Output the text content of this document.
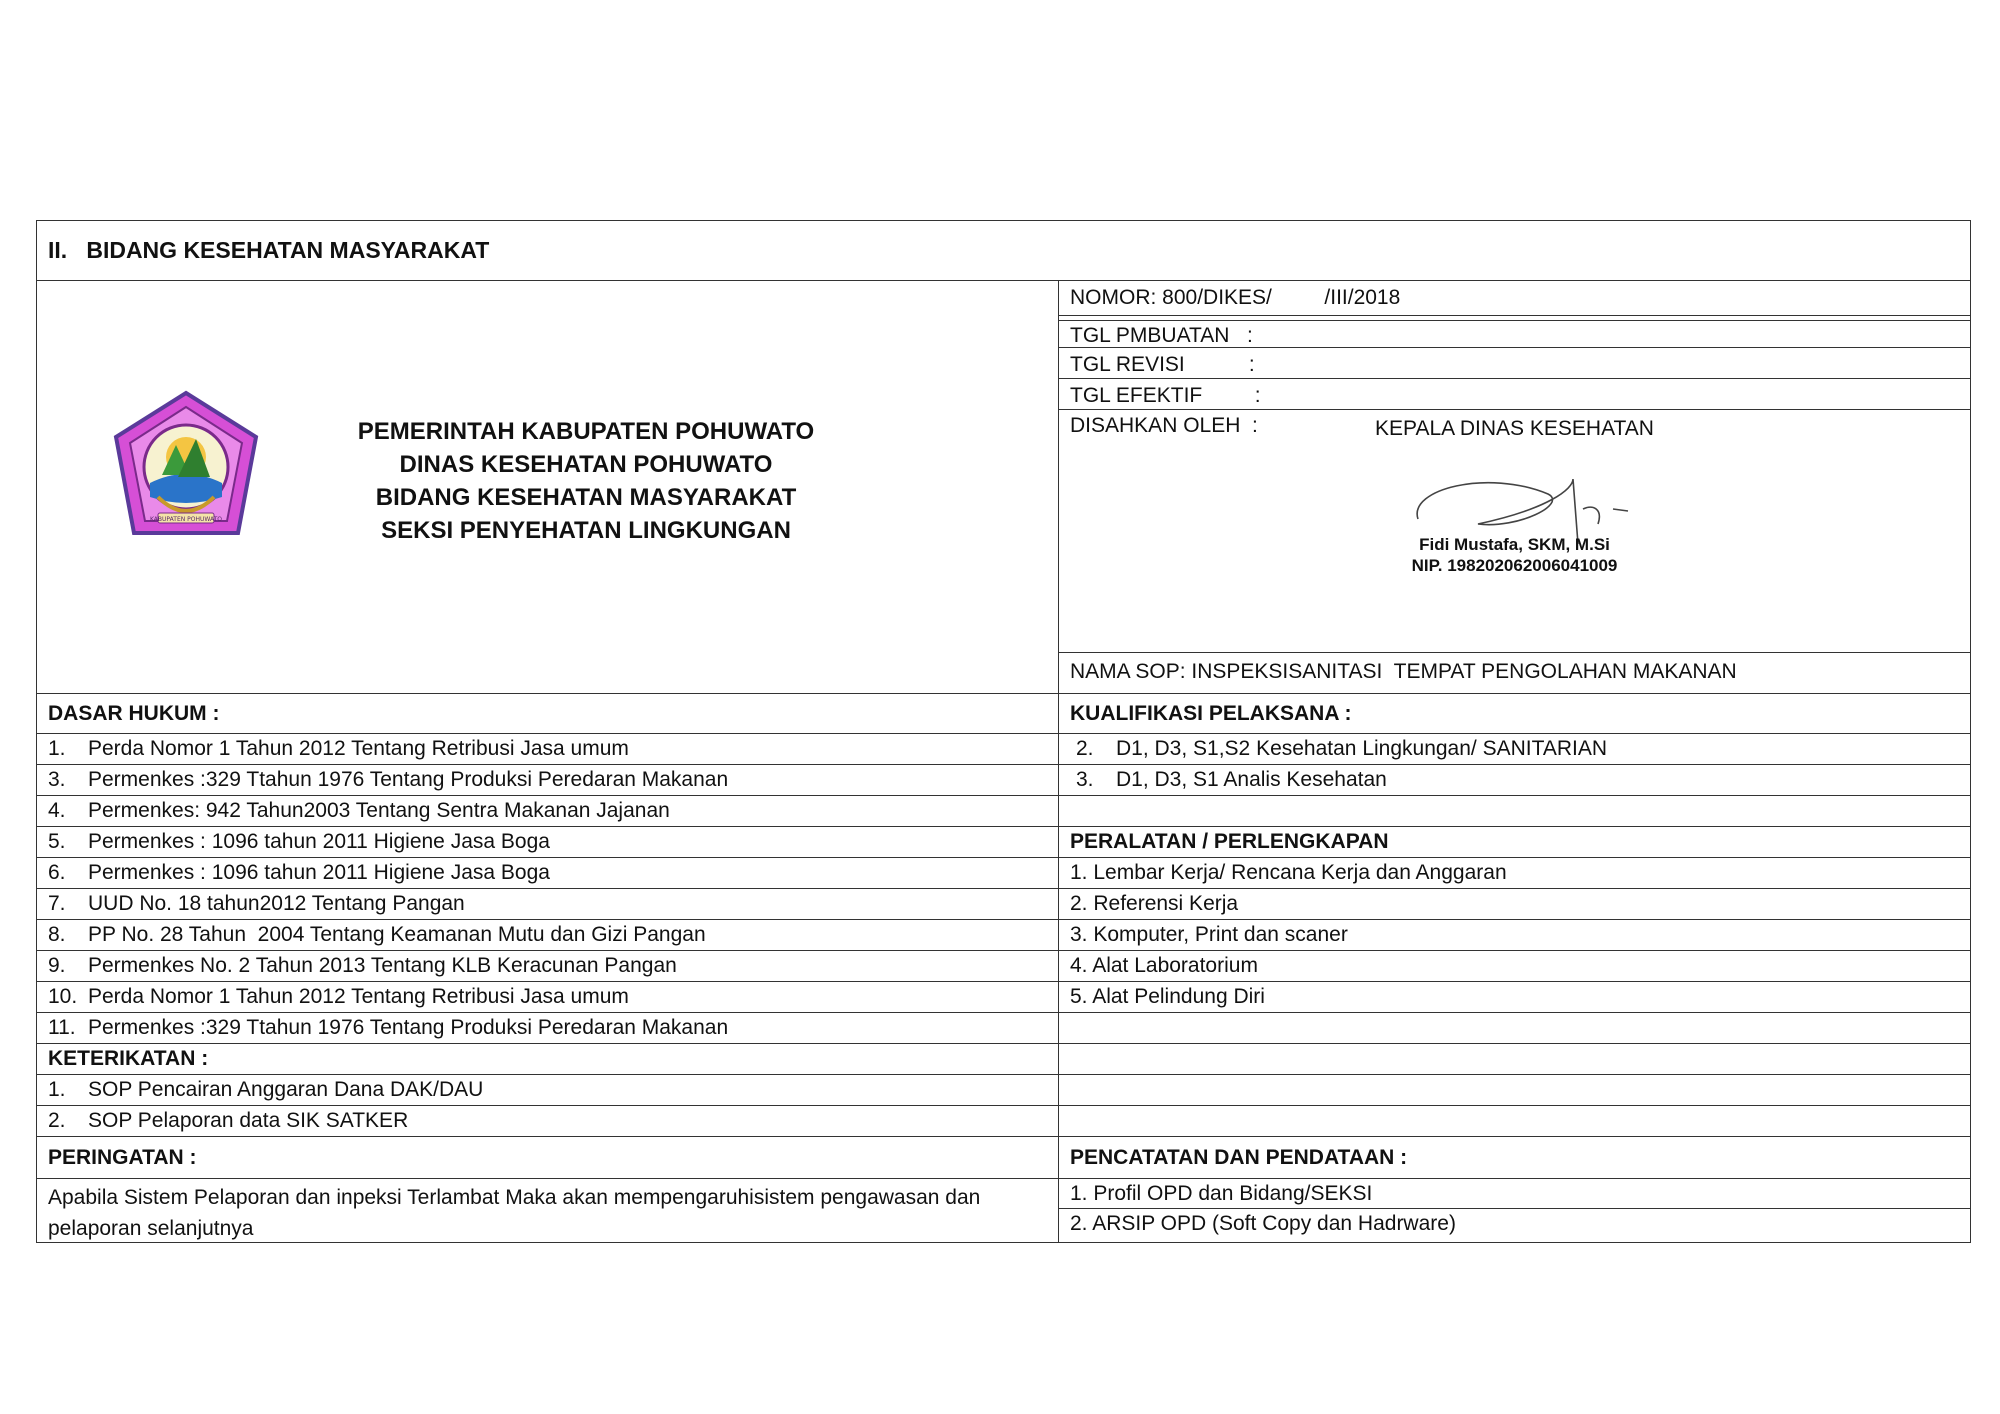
II.   BIDANG KESEHATAN MASYARAKAT
KABUPATEN POHUWATO
PEMERINTAH KABUPATEN POHUWATO
DINAS KESEHATAN POHUWATO
BIDANG KESEHATAN MASYARAKAT
SEKSI PENYEHATAN LINGKUNGAN
NOMOR: 800/DIKES/         /III/2018
TGL PMBUATAN   :
TGL REVISI           :
TGL EFEKTIF         :
DISAHKAN OLEH  :	KEPALA DINAS KESEHATAN
Fidi Mustafa, SKM, M.Si
NIP. 198202062006041009
NAMA SOP: INSPEKSISANITASI  TEMPAT PENGOLAHAN MAKANAN
DASAR HUKUM :
1. Perda Nomor 1 Tahun 2012 Tentang Retribusi Jasa umum
3. Permenkes :329 Ttahun 1976 Tentang Produksi Peredaran Makanan
4. Permenkes: 942 Tahun2003 Tentang Sentra Makanan Jajanan
5. Permenkes : 1096 tahun 2011 Higiene Jasa Boga
6. Permenkes : 1096 tahun 2011 Higiene Jasa Boga
7. UUD No. 18 tahun2012 Tentang Pangan
8. PP No. 28 Tahun  2004 Tentang Keamanan Mutu dan Gizi Pangan
9. Permenkes No. 2 Tahun 2013 Tentang KLB Keracunan Pangan
10. Perda Nomor 1 Tahun 2012 Tentang Retribusi Jasa umum
11. Permenkes :329 Ttahun 1976 Tentang Produksi Peredaran Makanan
KETERIKATAN :
1. SOP Pencairan Anggaran Dana DAK/DAU
2. SOP Pelaporan data SIK SATKER
PERINGATAN :
Apabila Sistem Pelaporan dan inpeksi Terlambat Maka akan mempengaruhisistem pengawasan dan pelaporan selanjutnya
KUALIFIKASI PELAKSANA :
2. D1, D3, S1,S2 Kesehatan Lingkungan/ SANITARIAN
3. D1, D3, S1 Analis Kesehatan
PERALATAN / PERLENGKAPAN
1. Lembar Kerja/ Rencana Kerja dan Anggaran
2. Referensi Kerja
3. Komputer, Print dan scaner
4. Alat Laboratorium
5. Alat Pelindung Diri
PENCATATAN DAN PENDATAAN :
1. Profil OPD dan Bidang/SEKSI
2. ARSIP OPD (Soft Copy dan Hadrware)
